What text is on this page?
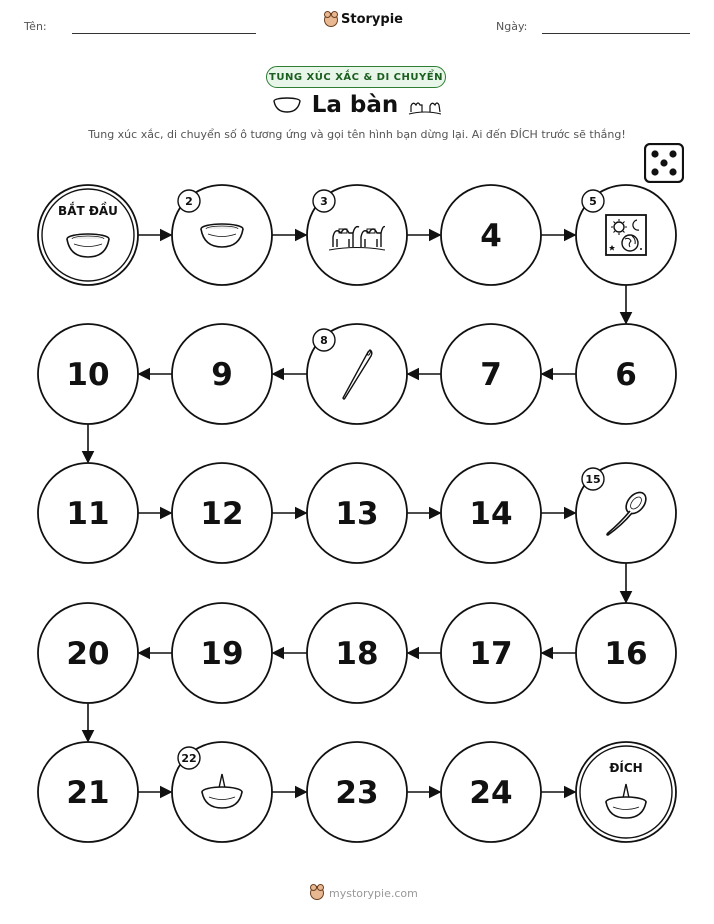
Tên:	Storypie	Ngày:
TUNG XÚC XẮC & DI CHUYỂN
La bàn
Tung xúc xắc, di chuyển số ô tương ứng và gọi tên hình bạn dừng lại. Ai đến ĐÍCH trước sẽ thắng!
BẮT ĐẦU
2	3
4
5
6
7
8
9
10
11	12	13	14
15
16
17
18
19
20
21
22
23	24
ĐÍCH
mystorypie.com
